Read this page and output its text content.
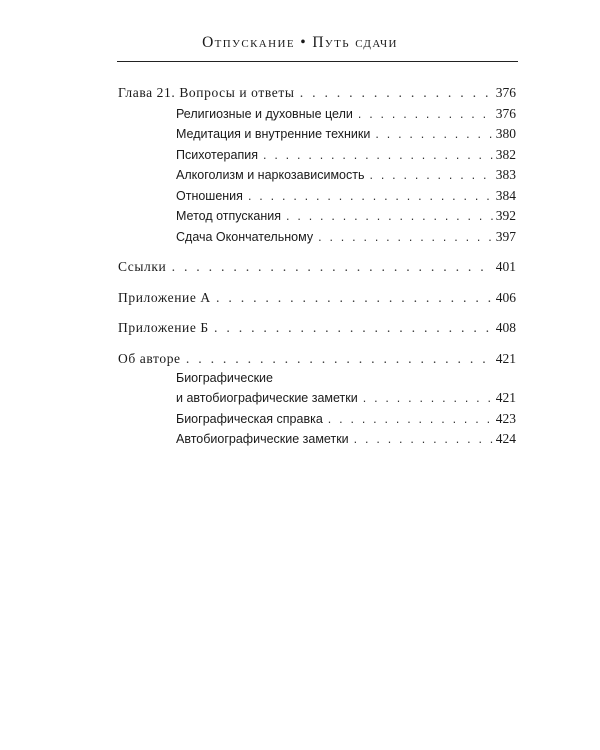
Отпускание • Путь сдачи
Глава 21. Вопросы и ответы . . .	376
Религиозные и духовные цели . . .	376
Медитация и внутренние техники . . .	380
Психотерапия . . .	382
Алкоголизм и наркозависимость . . .	383
Отношения . . .	384
Метод отпускания . . .	392
Сдача Окончательному . . .	397
Ссылки . . .	401
Приложение А . . .	406
Приложение Б . . .	408
Об авторе . . .	421
Биографические
и автобиографические заметки . . .	421
Биографическая справка . . .	423
Автобиографические заметки . . .	424
